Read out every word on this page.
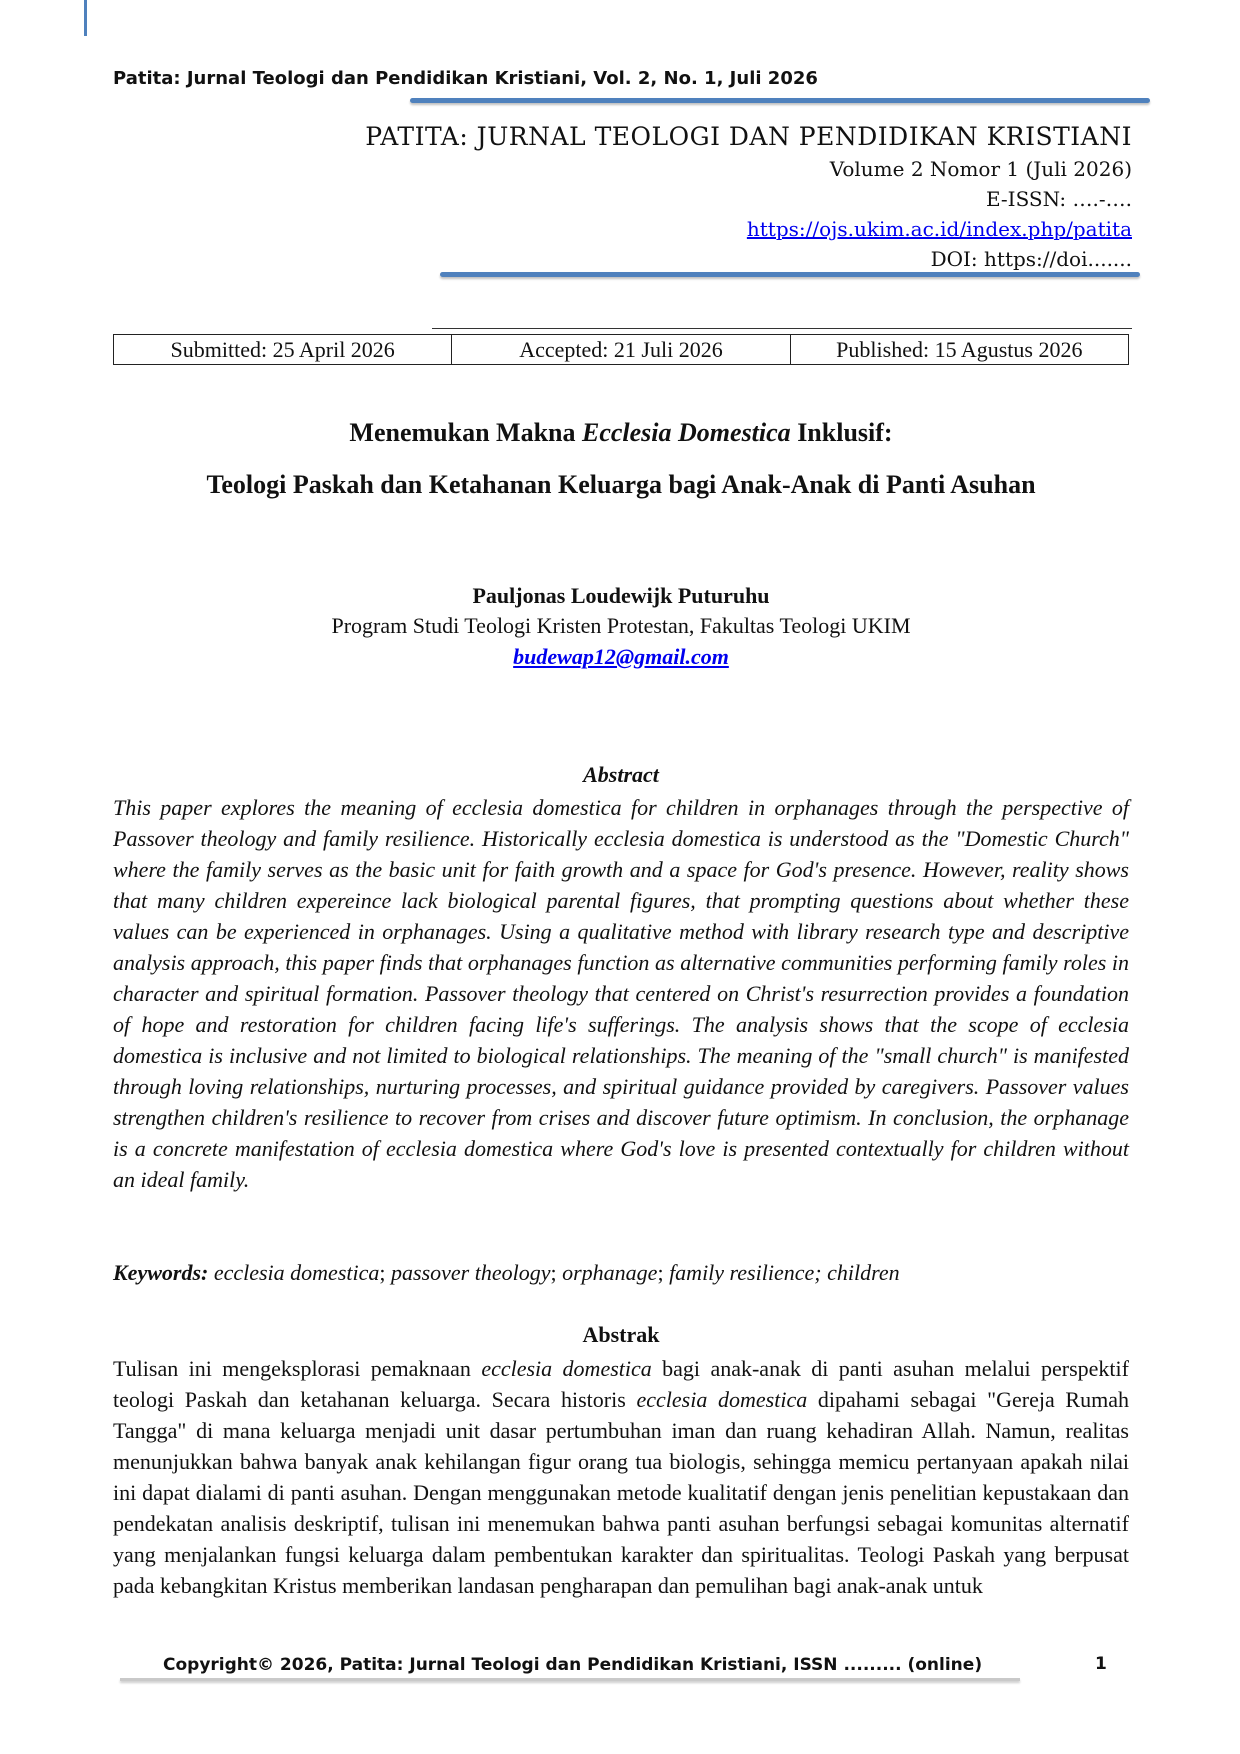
Patita: Jurnal Teologi dan Pendidikan Kristiani, Vol. 2, No. 1, Juli 2026
PATITA: JURNAL TEOLOGI DAN PENDIDIKAN KRISTIANI
Volume 2 Nomor 1 (Juli 2026)
E-ISSN: ….-….
https://ojs.ukim.ac.id/index.php/patita
DOI: https://doi.......
Submitted: 25 April 2026	Accepted: 21 Juli 2026	Published: 15 Agustus 2026
Menemukan Makna Ecclesia Domestica Inklusif:
Teologi Paskah dan Ketahanan Keluarga bagi Anak-Anak di Panti Asuhan
Pauljonas Loudewijk Puturuhu
Program Studi Teologi Kristen Protestan, Fakultas Teologi UKIM
budewap12@gmail.com
Abstract
This paper explores the meaning of ecclesia domestica for children in orphanages through the perspective of Passover theology and family resilience. Historically ecclesia domestica is understood as the "Domestic Church" where the family serves as the basic unit for faith growth and a space for God's presence. However, reality shows that many children expereince lack biological parental figures, that prompting questions about whether these values can be experienced in orphanages. Using a qualitative method with library research type and descriptive analysis approach, this paper finds that orphanages function as alternative communities performing family roles in character and spiritual formation. Passover theology that centered on Christ's resurrection provides a foundation of hope and restoration for children facing life's sufferings. The analysis shows that the scope of ecclesia domestica is inclusive and not limited to biological relationships. The meaning of the "small church" is manifested through loving relationships, nurturing processes, and spiritual guidance provided by caregivers. Passover values strengthen children's resilience to recover from crises and discover future optimism. In conclusion, the orphanage is a concrete manifestation of ecclesia domestica where God's love is presented contextually for children without an ideal family.
Keywords: ecclesia domestica; passover theology; orphanage; family resilience; children
Abstrak
Tulisan ini mengeksplorasi pemaknaan ecclesia domestica bagi anak-anak di panti asuhan melalui perspektif teologi Paskah dan ketahanan keluarga. Secara historis ecclesia domestica dipahami sebagai "Gereja Rumah Tangga" di mana keluarga menjadi unit dasar pertumbuhan iman dan ruang kehadiran Allah. Namun, realitas menunjukkan bahwa banyak anak kehilangan figur orang tua biologis, sehingga memicu pertanyaan apakah nilai ini dapat dialami di panti asuhan. Dengan menggunakan metode kualitatif dengan jenis penelitian kepustakaan dan pendekatan analisis deskriptif, tulisan ini menemukan bahwa panti asuhan berfungsi sebagai komunitas alternatif yang menjalankan fungsi keluarga dalam pembentukan karakter dan spiritualitas. Teologi Paskah yang berpusat pada kebangkitan Kristus memberikan landasan pengharapan dan pemulihan bagi anak-anak untuk
Copyright© 2026, Patita: Jurnal Teologi dan Pendidikan Kristiani, ISSN ......... (online)	1
